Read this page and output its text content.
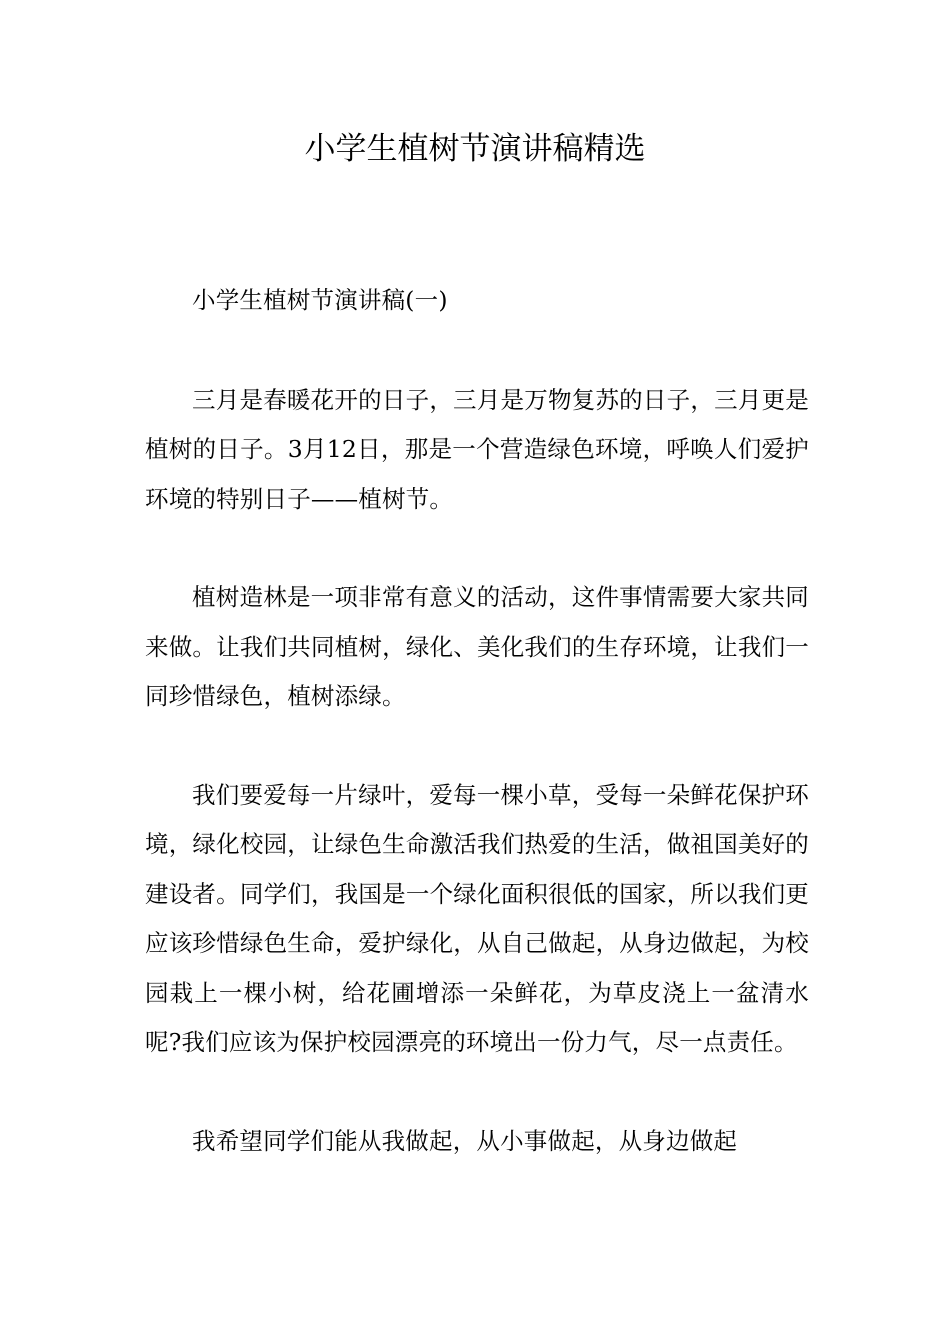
小学生植树节演讲稿精选

小学生植树节演讲稿(一)

三月是春暖花开的日子，三月是万物复苏的日子，三月更是植树的日子。3月12日，那是一个营造绿色环境，呼唤人们爱护环境的特别日子——植树节。

植树造林是一项非常有意义的活动，这件事情需要大家共同来做。让我们共同植树，绿化、美化我们的生存环境，让我们一同珍惜绿色，植树添绿。

我们要爱每一片绿叶，爱每一棵小草，受每一朵鲜花保护环境，绿化校园，让绿色生命激活我们热爱的生活，做祖国美好的建设者。同学们，我国是一个绿化面积很低的国家，所以我们更应该珍惜绿色生命，爱护绿化，从自己做起，从身边做起，为校园栽上一棵小树，给花圃增添一朵鲜花，为草皮浇上一盆清水呢?我们应该为保护校园漂亮的环境出一份力气，尽一点责任。

我希望同学们能从我做起，从小事做起，从身边做起
